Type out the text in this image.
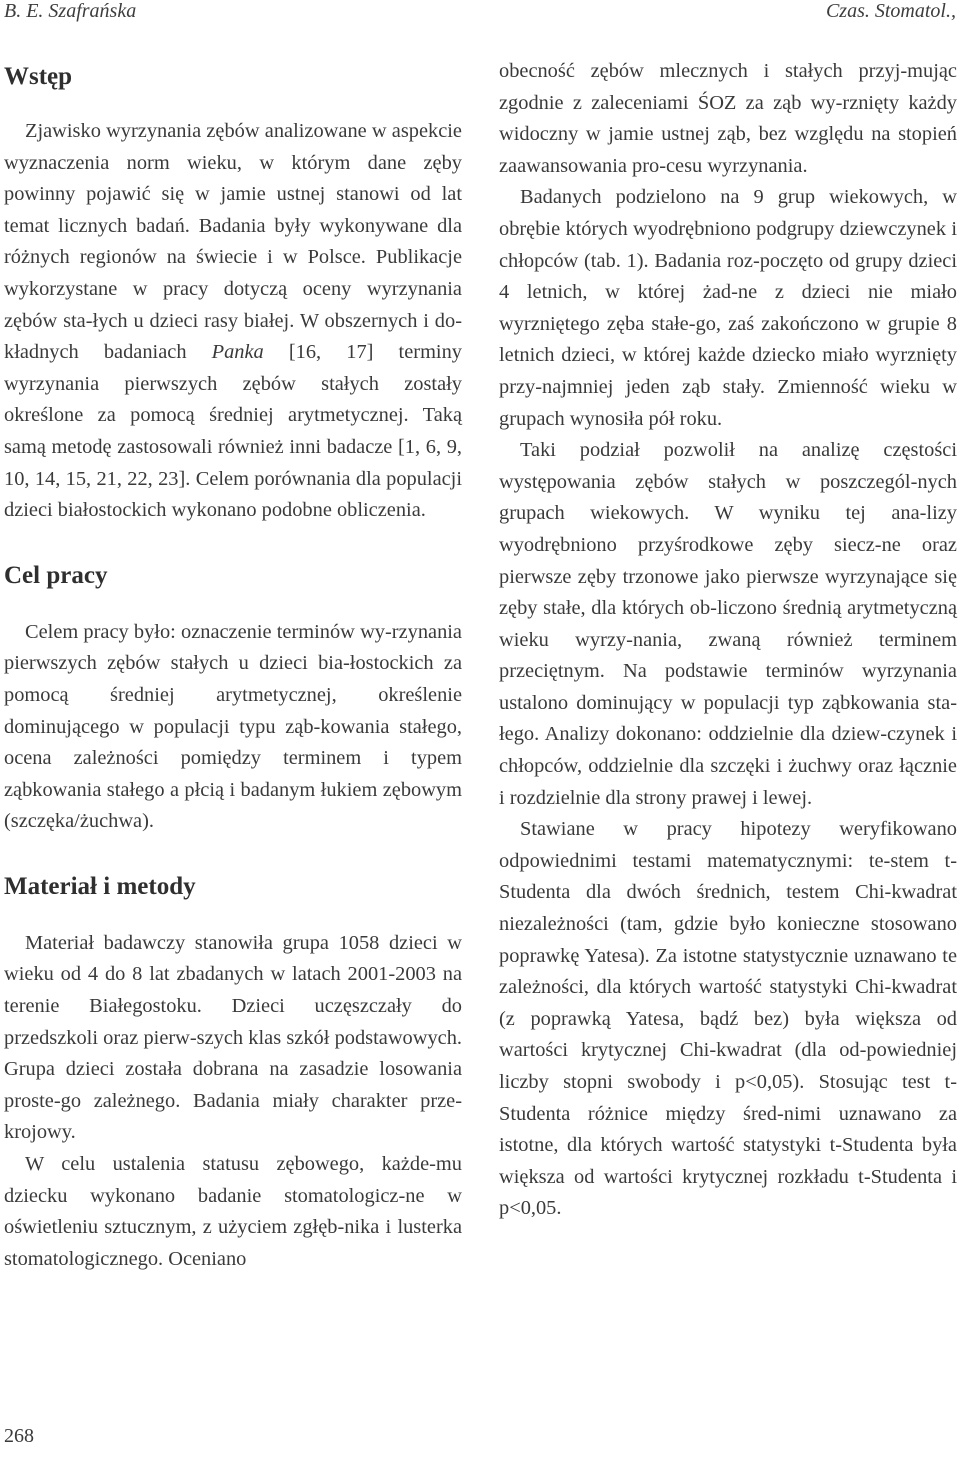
B. E. Szafrańska	Czas. Stomatol.,
Wstęp

Zjawisko wyrzynania zębów analizowane w aspekcie wyznaczenia norm wieku, w którym dane zęby powinny pojawić się w jamie ustnej stanowi od lat temat licznych badań. Badania były wykonywane dla różnych regionów na świecie i w Polsce. Publikacje wykorzystane w pracy dotyczą oceny wyrzynania zębów sta-łych u dzieci rasy białej. W obszernych i do-kładnych badaniach Panka [16, 17] terminy wyrzynania pierwszych zębów stałych zostały określone za pomocą średniej arytmetycznej. Taką samą metodę zastosowali również inni badacze [1, 6, 9, 10, 14, 15, 21, 22, 23]. Celem porównania dla populacji dzieci białostockich wykonano podobne obliczenia.

Cel pracy

Celem pracy było: oznaczenie terminów wy-rzynania pierwszych zębów stałych u dzieci bia-łostockich za pomocą średniej arytmetycznej, określenie dominującego w populacji typu ząb-kowania stałego, ocena zależności pomiędzy terminem i typem ząbkowania stałego a płcią i badanym łukiem zębowym (szczęka/żuchwa).

Materiał i metody

Materiał badawczy stanowiła grupa 1058 dzieci w wieku od 4 do 8 lat zbadanych w latach 2001-2003 na terenie Białegostoku. Dzieci uczęszczały do przedszkoli oraz pierw-szych klas szkół podstawowych. Grupa dzieci została dobrana na zasadzie losowania proste-go zależnego. Badania miały charakter prze-krojowy.

W celu ustalenia statusu zębowego, każde-mu dziecku wykonano badanie stomatologicz-ne w oświetleniu sztucznym, z użyciem zgłęb-nika i lusterka stomatologicznego. Oceniano

obecność zębów mlecznych i stałych przyj-mując zgodnie z zaleceniami ŚOZ za ząb wy-rznięty każdy widoczny w jamie ustnej ząb, bez względu na stopień zaawansowania pro-cesu wyrzynania.

Badanych podzielono na 9 grup wiekowych, w obrębie których wyodrębniono podgrupy dziewczynek i chłopców (tab. 1). Badania roz-poczęto od grupy dzieci 4 letnich, w której żad-ne z dzieci nie miało wyrzniętego zęba stałe-go, zaś zakończono w grupie 8 letnich dzieci, w której każde dziecko miało wyrznięty przy-najmniej jeden ząb stały. Zmienność wieku w grupach wynosiła pół roku.

Taki podział pozwolił na analizę częstości występowania zębów stałych w poszczegól-nych grupach wiekowych. W wyniku tej ana-lizy wyodrębniono przyśrodkowe zęby siecz-ne oraz pierwsze zęby trzonowe jako pierwsze wyrzynające się zęby stałe, dla których ob-liczono średnią arytmetyczną wieku wyrzy-nania, zwaną również terminem przeciętnym. Na podstawie terminów wyrzynania ustalono dominujący w populacji typ ząbkowania sta-łego. Analizy dokonano: oddzielnie dla dziew-czynek i chłopców, oddzielnie dla szczęki i żuchwy oraz łącznie i rozdzielnie dla strony prawej i lewej.

Stawiane w pracy hipotezy weryfikowano odpowiednimi testami matematycznymi: te-stem t-Studenta dla dwóch średnich, testem Chi-kwadrat niezależności (tam, gdzie było konieczne stosowano poprawkę Yatesa). Za istotne statystycznie uznawano te zależności, dla których wartość statystyki Chi-kwadrat (z poprawką Yatesa, bądź bez) była większa od wartości krytycznej Chi-kwadrat (dla od-powiedniej liczby stopni swobody i p<0,05). Stosując test t-Studenta różnice między śred-nimi uznawano za istotne, dla których wartość statystyki t-Studenta była większa od wartości krytycznej rozkładu t-Studenta i p<0,05.

268
